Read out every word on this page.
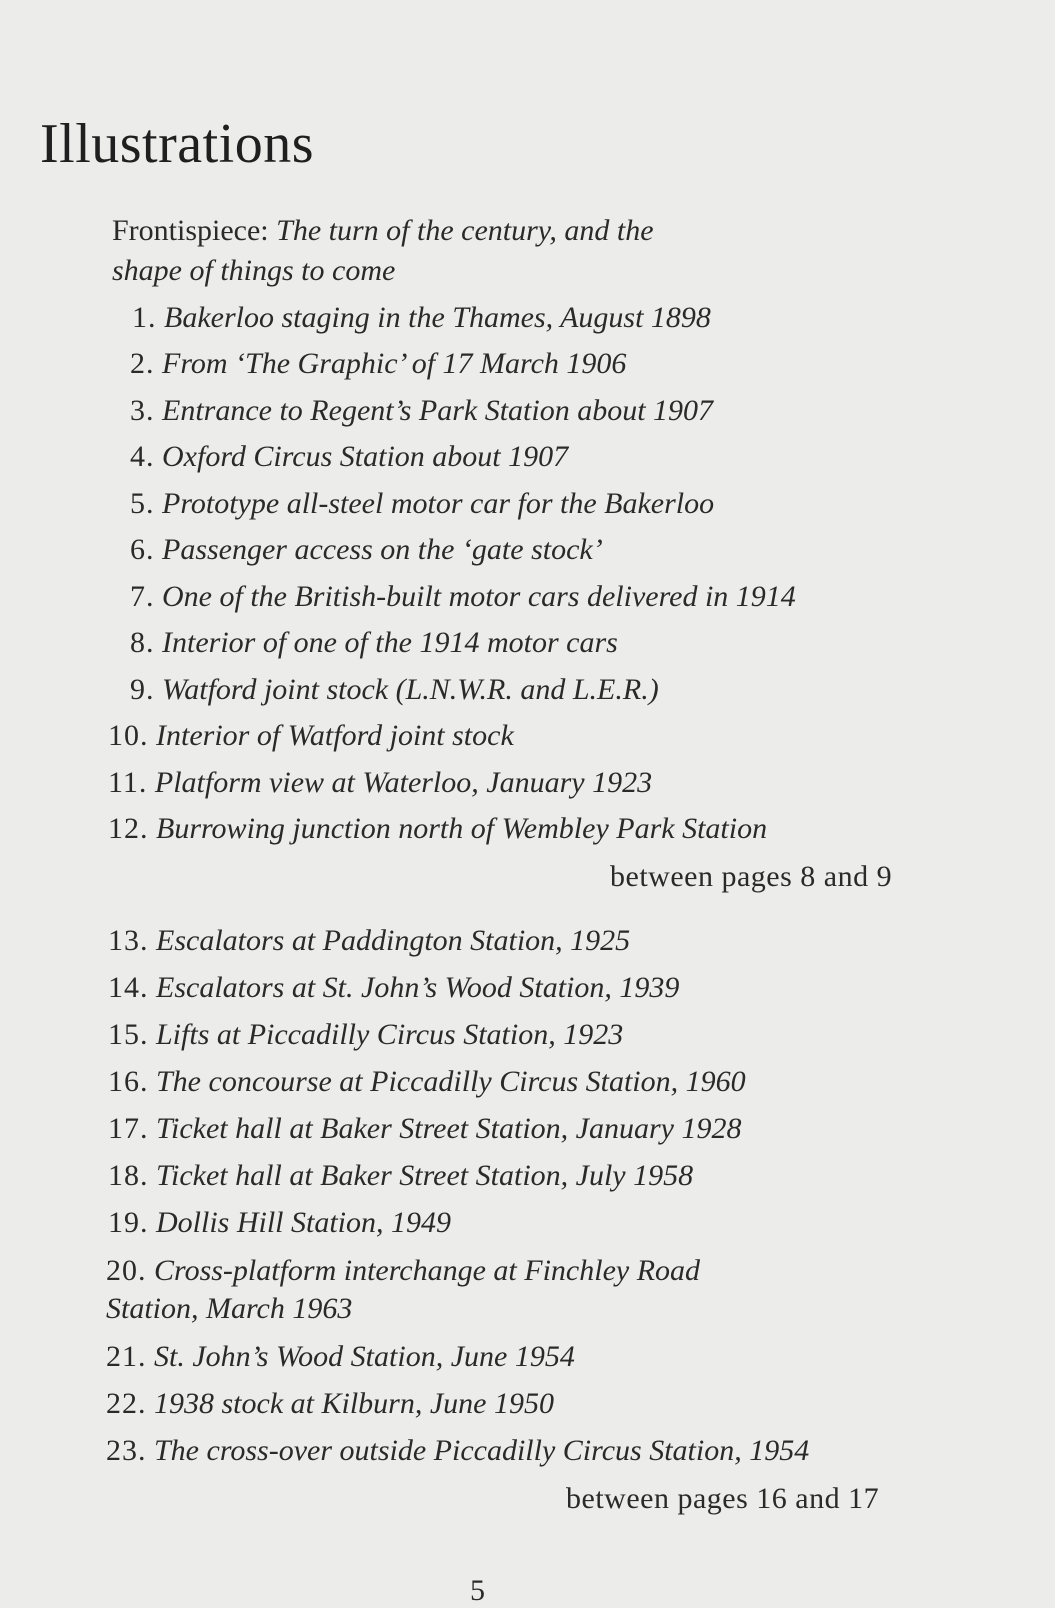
Illustrations
Frontispiece: The turn of the century, and the
shape of things to come
1. Bakerloo staging in the Thames, August 1898
2. From ‘The Graphic’ of 17 March 1906
3. Entrance to Regent’s Park Station about 1907
4. Oxford Circus Station about 1907
5. Prototype all-steel motor car for the Bakerloo
6. Passenger access on the ‘gate stock’
7. One of the British-built motor cars delivered in 1914
8. Interior of one of the 1914 motor cars
9. Watford joint stock (L.N.W.R. and L.E.R.)
10. Interior of Watford joint stock
11. Platform view at Waterloo, January 1923
12. Burrowing junction north of Wembley Park Station
between pages 8 and 9
13. Escalators at Paddington Station, 1925
14. Escalators at St. John’s Wood Station, 1939
15. Lifts at Piccadilly Circus Station, 1923
16. The concourse at Piccadilly Circus Station, 1960
17. Ticket hall at Baker Street Station, January 1928
18. Ticket hall at Baker Street Station, July 1958
19. Dollis Hill Station, 1949
20. Cross-platform interchange at Finchley Road
Station, March 1963
21. St. John’s Wood Station, June 1954
22. 1938 stock at Kilburn, June 1950
23. The cross-over outside Piccadilly Circus Station, 1954
between pages 16 and 17
5
